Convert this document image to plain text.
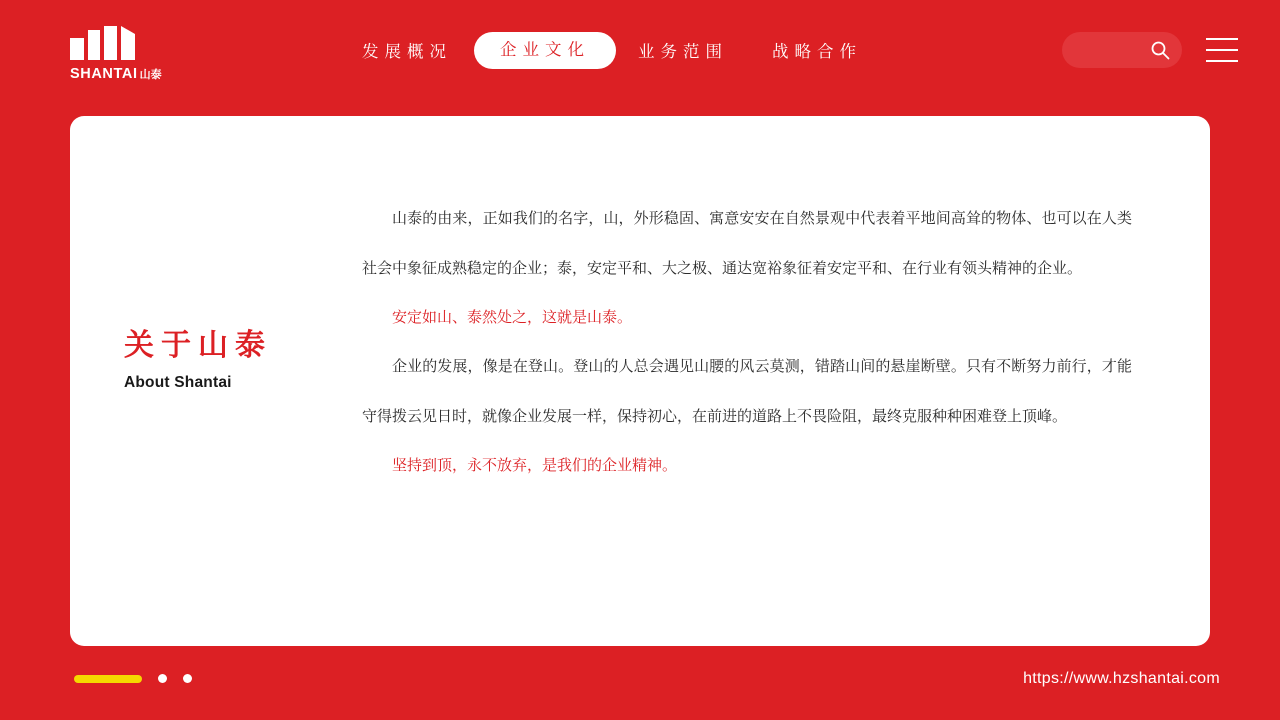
SHANTAI 山泰
发展概况	企业文化	业务范围	战略合作
关于山泰
About Shantai

山泰的由来，正如我们的名字，山，外形稳固、寓意安安在自然景观中代表着平地间高耸的物体、也可以在人类社会中象征成熟稳定的企业；泰，安定平和、大之极、通达宽裕象征着安定平和、在行业有领头精神的企业。

安定如山、泰然处之，这就是山泰。

企业的发展，像是在登山。登山的人总会遇见山腰的风云莫测，错踏山间的悬崖断壁。只有不断努力前行，才能守得拨云见日时，就像企业发展一样，保持初心，在前进的道路上不畏险阻，最终克服种种困难登上顶峰。

坚持到顶，永不放弃，是我们的企业精神。

https://www.hzshantai.com
